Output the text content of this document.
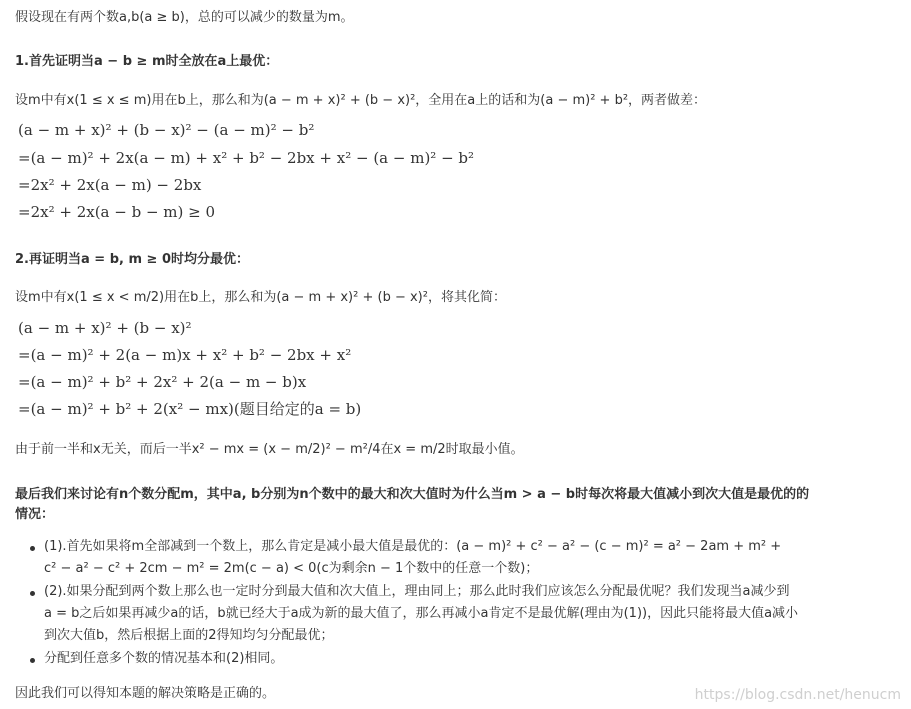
假设现在有两个数a,b(a ≥ b)，总的可以减少的数量为m。
1.首先证明当a − b ≥ m时全放在a上最优：
设m中有x(1 ≤ x ≤ m)用在b上，那么和为(a − m + x)² + (b − x)²，全用在a上的话和为(a − m)² + b²，两者做差：
(a − m + x)² + (b − x)² − (a − m)² − b²
=(a − m)² + 2x(a − m) + x² + b² − 2bx + x² − (a − m)² − b²
=2x² + 2x(a − m) − 2bx
=2x² + 2x(a − b − m) ≥ 0
2.再证明当a = b, m ≥ 0时均分最优：
设m中有x(1 ≤ x < m/2)用在b上，那么和为(a − m + x)² + (b − x)²，将其化简：
(a − m + x)² + (b − x)²
=(a − m)² + 2(a − m)x + x² + b² − 2bx + x²
=(a − m)² + b² + 2x² + 2(a − m − b)x
=(a − m)² + b² + 2(x² − mx)(题目给定的a = b)
由于前一半和x无关，而后一半x² − mx = (x − m/2)² − m²/4在x = m/2时取最小值。
最后我们来讨论有n个数分配m，其中a, b分别为n个数中的最大和次大值时为什么当m > a − b时每次将最大值减小到次大值是最优的的
情况：
(1).首先如果将m全部减到一个数上，那么肯定是减小最大值是最优的：(a − m)² + c² − a² − (c − m)² = a² − 2am + m² +
c² − a² − c² + 2cm − m² = 2m(c − a) < 0(c为剩余n − 1个数中的任意一个数)；
(2).如果分配到两个数上那么也一定时分到最大值和次大值上，理由同上；那么此时我们应该怎么分配最优呢？我们发现当a减少到
a = b之后如果再减少a的话，b就已经大于a成为新的最大值了，那么再减小a肯定不是最优解(理由为(1))，因此只能将最大值a减小
到次大值b，然后根据上面的2得知均匀分配最优；
分配到任意多个数的情况基本和(2)相同。
因此我们可以得知本题的解决策略是正确的。	https://blog.csdn.net/henucm
